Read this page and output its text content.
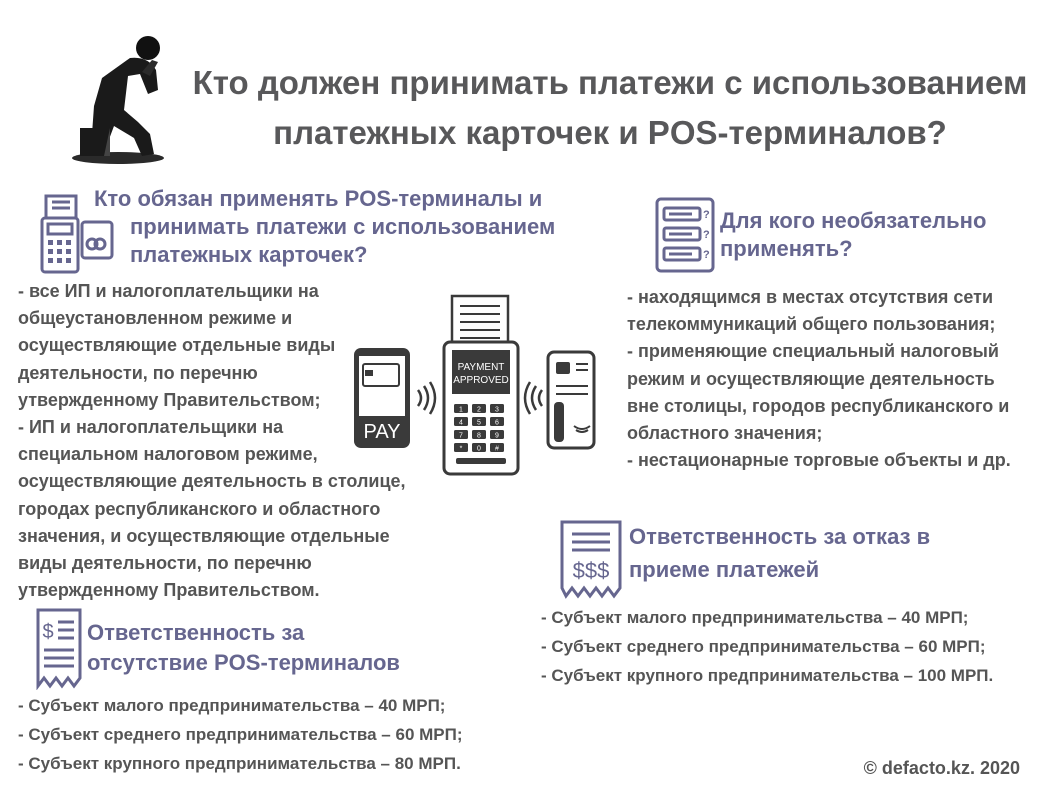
Кто должен принимать платежи с использованием
платежных карточек и POS-терминалов?
Кто обязан применять POS-терминалы и
принимать платежи с использованием
платежных карточек?
- все ИП и налогоплательщики на
общеустановленном режиме и
осуществляющие отдельные виды
деятельности, по перечню
утвержденному Правительством;
- ИП и налогоплательщики на
специальном налоговом режиме,
осуществляющие деятельность в столице,
городах республиканского и областного
значения, и осуществляющие отдельные
виды деятельности, по перечню
утвержденному Правительством.
?
?
?
Для кого необязательно
применять?
- находящимся в местах отсутствия сети
телекоммуникаций общего пользования;
- применяющие специальный налоговый
режим и осуществляющие деятельность
вне столицы, городов республиканского и
областного значения;
- нестационарные торговые объекты и др.
PAY
PAYMENT
APPROVED
1 2 3
4 5 6
7 8 9
* 0 #
$$$
Ответственность за отказ в
приеме платежей
- Субъект малого предпринимательства – 40 МРП;
- Субъект среднего предпринимательства – 60 МРП;
- Субъект крупного предпринимательства – 100 МРП.
$ Ответственность за
отсутствие POS-терминалов
- Субъект малого предпринимательства – 40 МРП;
- Субъект среднего предпринимательства – 60 МРП;
- Субъект крупного предпринимательства – 80 МРП.	© defacto.kz. 2020
